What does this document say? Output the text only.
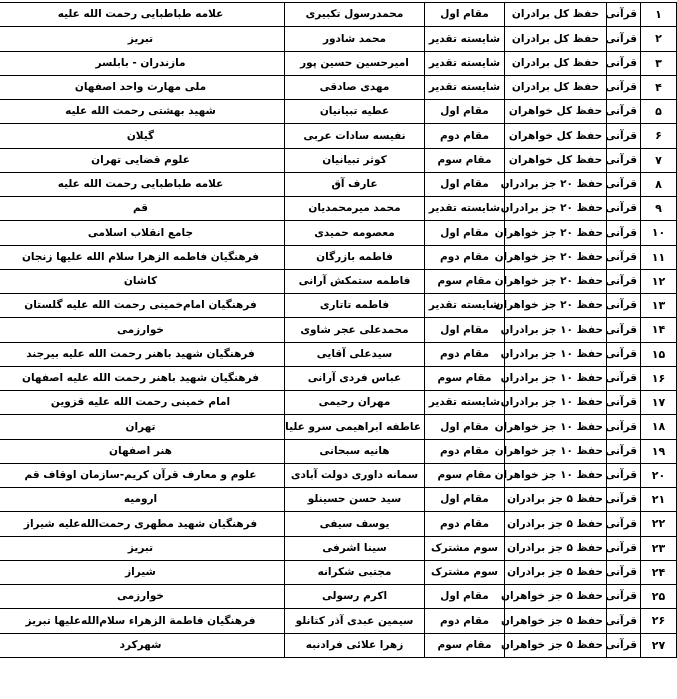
۱	قرآنی	حفظ کل برادران	مقام اول	محمدرسول تکبیری	علامه طباطبایی رحمت الله علیه
۲	قرآنی	حفظ کل برادران	شایسته تقدیر	محمد شادور	تبریز
۳	قرآنی	حفظ کل برادران	شایسته تقدیر	امیرحسین حسین پور	مازندران - بابلسر
۴	قرآنی	حفظ کل برادران	شایسته تقدیر	مهدی صادقی	ملی مهارت واحد اصفهان
۵	قرآنی	حفظ کل خواهران	مقام اول	عطیه تبیانیان	شهید بهشتی رحمت الله علیه
۶	قرآنی	حفظ کل خواهران	مقام دوم	نفیسه سادات عربی	گیلان
۷	قرآنی	حفظ کل خواهران	مقام سوم	کوثر تبیانیان	علوم قضایی تهران
۸	قرآنی	حفظ ۲۰ جز برادران	مقام اول	عارف آق	علامه طباطبایی رحمت الله علیه
۹	قرآنی	حفظ ۲۰ جز برادران	شایسته تقدیر	محمد میرمحمدیان	قم
۱۰	قرآنی	حفظ ۲۰ جز خواهران	مقام اول	معصومه حمیدی	جامع انقلاب اسلامی
۱۱	قرآنی	حفظ ۲۰ جز خواهران	مقام دوم	فاطمه بازرگان	فرهنگیان فاطمه الزهرا سلام الله علیها زنجان
۱۲	قرآنی	حفظ ۲۰ جز خواهران	مقام سوم	فاطمه ستمکش آرانی	کاشان
۱۳	قرآنی	حفظ ۲۰ جز خواهران	شایسته تقدیر	فاطمه تاتاری	فرهنگیان امام‌خمینی رحمت الله علیه گلستان
۱۴	قرآنی	حفظ ۱۰ جز برادران	مقام اول	محمدعلی عجر شاوی	خوارزمی
۱۵	قرآنی	حفظ ۱۰ جز برادران	مقام دوم	سیدعلی آقایی	فرهنگیان شهید باهنر رحمت الله علیه بیرجند
۱۶	قرآنی	حفظ ۱۰ جز برادران	مقام سوم	عباس فردی آرانی	فرهنگیان شهید باهنر رحمت الله علیه اصفهان
۱۷	قرآنی	حفظ ۱۰ جز برادران	شایسته تقدیر	مهران رحیمی	امام خمینی رحمت الله علیه قزوین
۱۸	قرآنی	حفظ ۱۰ جز خواهران	مقام اول	عاطفه ابراهیمی سرو علیا	تهران
۱۹	قرآنی	حفظ ۱۰ جز خواهران	مقام دوم	هانیه سبحانی	هنر اصفهان
۲۰	قرآنی	حفظ ۱۰ جز خواهران	مقام سوم	سمانه داوری دولت آبادی	علوم و معارف قرآن کریم-سازمان اوقاف قم
۲۱	قرآنی	حفظ ۵ جز برادران	مقام اول	سید حسن حسینلو	ارومیه
۲۲	قرآنی	حفظ ۵ جز برادران	مقام دوم	یوسف سیفی	فرهنگیان شهید مطهری رحمت‌الله‌علیه شیراز
۲۳	قرآنی	حفظ ۵ جز برادران	سوم مشترک	سینا اشرفی	تبریز
۲۴	قرآنی	حفظ ۵ جز برادران	سوم مشترک	مجتبی شکرانه	شیراز
۲۵	قرآنی	حفظ ۵ جز خواهران	مقام اول	اکرم رسولی	خوارزمی
۲۶	قرآنی	حفظ ۵ جز خواهران	مقام دوم	سیمین عبدی آذر کتانلو	فرهنگیان فاطمة الزهراء سلام‌الله‌علیها تبریز
۲۷	قرآنی	حفظ ۵ جز خواهران	مقام سوم	زهرا علائی فرادنبه	شهرکرد
